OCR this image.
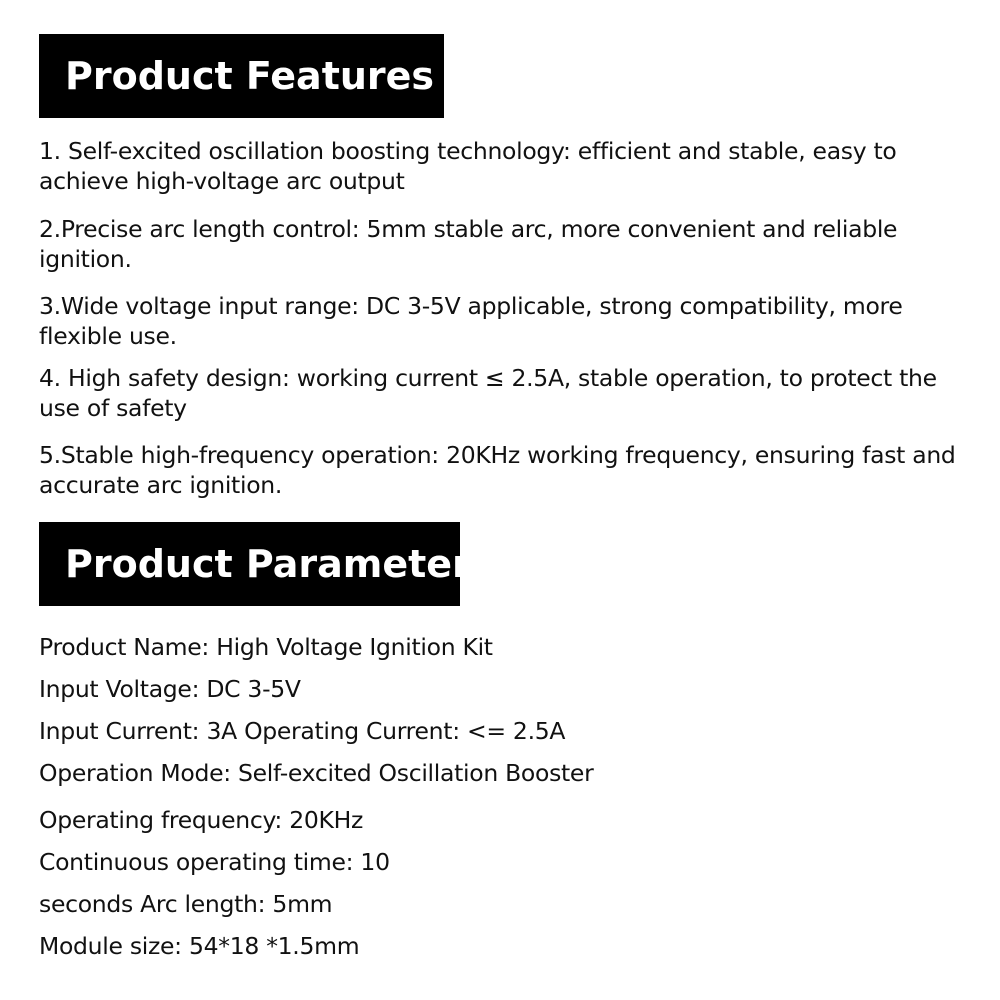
Product Features
1. Self-excited oscillation boosting technology: efficient and stable, easy to achieve high-voltage arc output
2.Precise arc length control: 5mm stable arc, more convenient and reliable ignition.
3.Wide voltage input range: DC 3-5V applicable, strong compatibility, more flexible use.
4. High safety design: working current ≤ 2.5A, stable operation, to protect the use of safety
5.Stable high-frequency operation: 20KHz working frequency, ensuring fast and accurate arc ignition.
Product Parameter
Product Name: High Voltage Ignition Kit
Input Voltage: DC 3-5V
Input Current: 3A Operating Current: <= 2.5A
Operation Mode: Self-excited Oscillation Booster
Operating frequency: 20KHz
Continuous operating time: 10
seconds Arc length: 5mm
Module size: 54*18 *1.5mm
